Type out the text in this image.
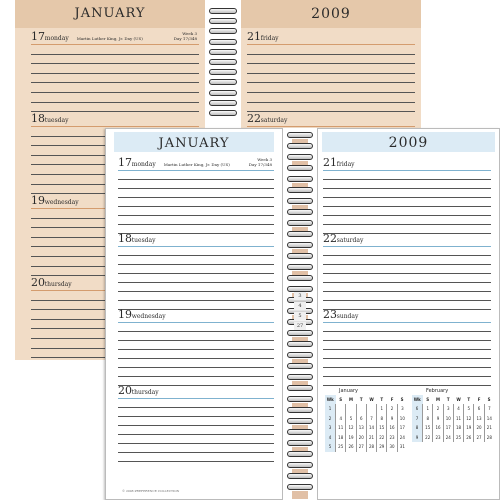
JANUARY
17 monday Martin Luther King, Jr. Day (US)
Week 3
Day 17/348
18 tuesday
19 wednesday
20 thursday
2009
21 friday
22 saturday
JANUARY
17 monday Martin Luther King, Jr. Day (US)
Week 3
Day 17/348
18 tuesday
19 wednesday
20 thursday
© 2008 PREFERENCE COLLECTION
3
4
5
27
2009
21 friday
22 saturday
23 sunday
January
Wk	S	M	T	W	T	F	S
1					1	2	3
2	4	5	6	7	8	9	10
3	11	12	13	14	15	16	17
4	18	19	20	21	22	23	24
5	25	26	27	28	29	30	31
February
Wk	S	M	T	W	T	F	S
6	1	2	3	4	5	6	7
7	8	9	10	11	12	13	14
8	15	16	17	18	19	20	21
9	22	23	24	25	26	27	28
